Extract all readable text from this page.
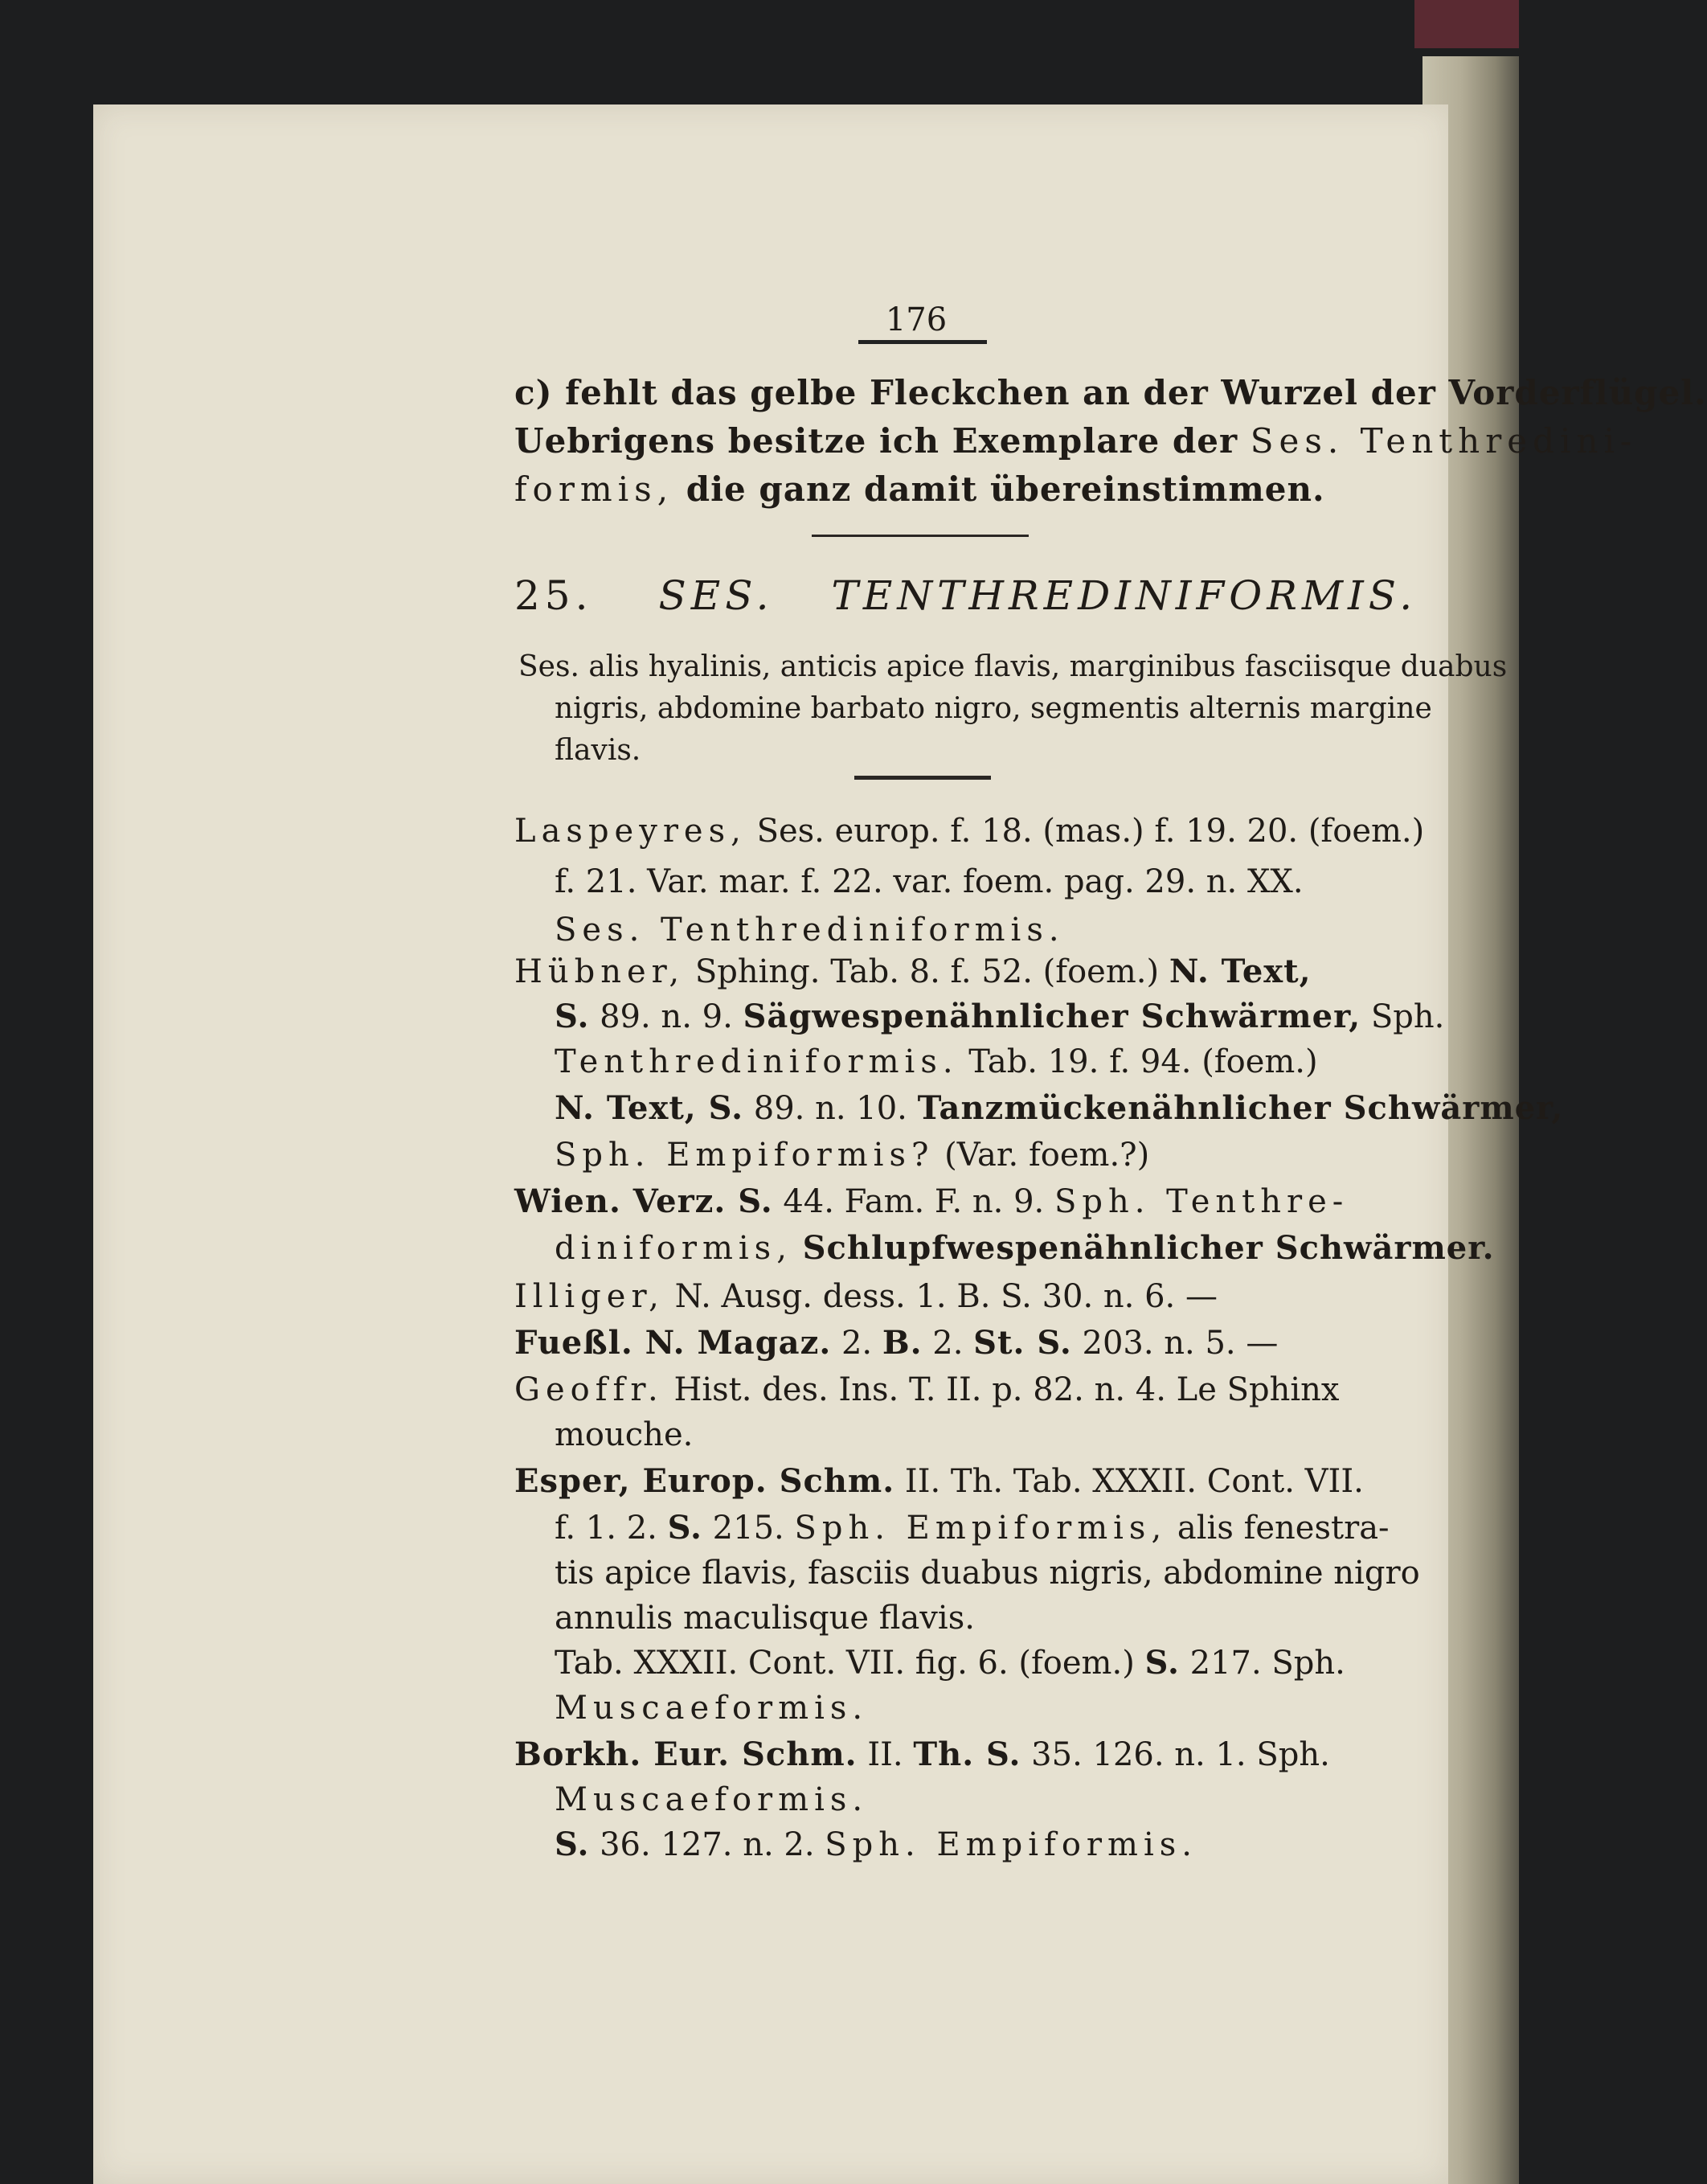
176
c) fehlt das gelbe Fleckchen an der Wurzel der Vorderflügel.
Uebrigens besitze ich Exemplare der Ses. Tenthredini-
formis, die ganz damit übereinstimmen.
25. SES. TENTHREDINIFORMIS.
Ses. alis hyalinis, anticis apice flavis, marginibus fasciisque duabus
nigris, abdomine barbato nigro, segmentis alternis margine
flavis.
Laspeyres, Ses. europ. f. 18. (mas.) f. 19. 20. (foem.)
f. 21. Var. mar. f. 22. var. foem. pag. 29. n. XX.
Ses. Tenthrediniformis.
Hübner, Sphing. Tab. 8. f. 52. (foem.) N. Text,
S. 89. n. 9. Sägwespenähnlicher Schwärmer, Sph.
Tenthrediniformis. Tab. 19. f. 94. (foem.)
N. Text, S. 89. n. 10. Tanzmückenähnlicher Schwärmer,
Sph. Empiformis? (Var. foem.?)
Wien. Verz. S. 44. Fam. F. n. 9. Sph. Tenthre-
diniformis, Schlupfwespenähnlicher Schwärmer.
Illiger, N. Ausg. dess. 1. B. S. 30. n. 6. —
Fueßl. N. Magaz. 2. B. 2. St. S. 203. n. 5. —
Geoffr. Hist. des. Ins. T. II. p. 82. n. 4. Le Sphinx
mouche.
Esper, Europ. Schm. II. Th. Tab. XXXII. Cont. VII.
f. 1. 2. S. 215. Sph. Empiformis, alis fenestra-
tis apice flavis, fasciis duabus nigris, abdomine nigro
annulis maculisque flavis.
Tab. XXXII. Cont. VII. fig. 6. (foem.) S. 217. Sph.
Muscaeformis.
Borkh. Eur. Schm. II. Th. S. 35. 126. n. 1. Sph.
Muscaeformis.
S. 36. 127. n. 2. Sph. Empiformis.
